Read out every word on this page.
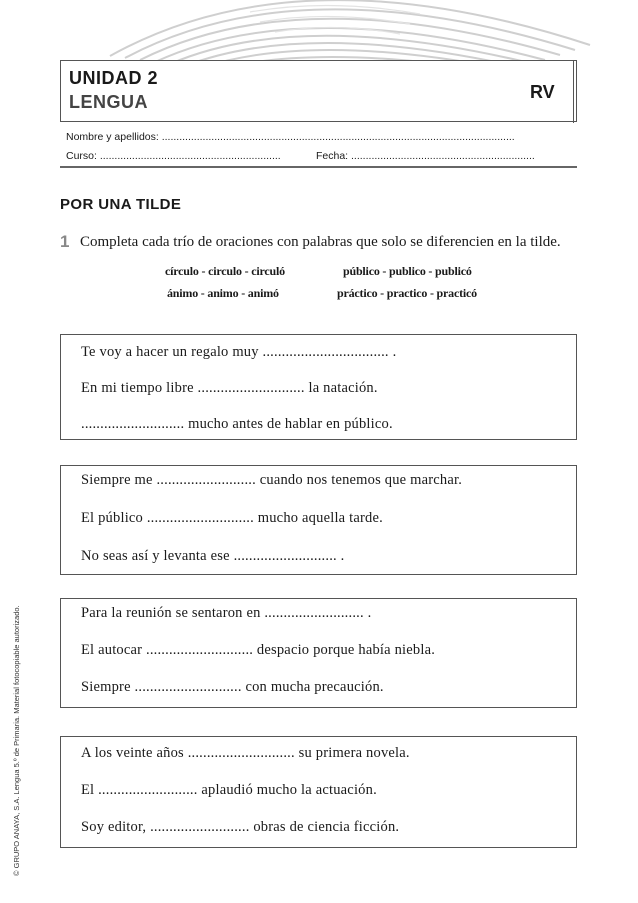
UNIDAD 2
LENGUA	RV
Nombre y apellidos: .........................................................................................................................
Curso: ..............................................................	Fecha: ...............................................................
POR UNA TILDE
1 Completa cada trío de oraciones con palabras que solo se diferencien en la tilde.
círculo - circulo - circuló	público - publico - publicó
ánimo - animo - animó	práctico - practico - practicó
Te voy a hacer un regalo muy ................................. .
En mi tiempo libre ............................ la natación.
........................... mucho antes de hablar en público.
Siempre me .......................... cuando nos tenemos que marchar.
El público ............................ mucho aquella tarde.
No seas así y levanta ese ........................... .
Para la reunión se sentaron en .......................... .
El autocar ............................ despacio porque había niebla.
Siempre ............................ con mucha precaución.
A los veinte años ............................ su primera novela.
El .......................... aplaudió mucho la actuación.
Soy editor, .......................... obras de ciencia ficción.
© GRUPO ANAYA, S.A. Lengua 5.º de Primaria. Material fotocopiable autorizado.
